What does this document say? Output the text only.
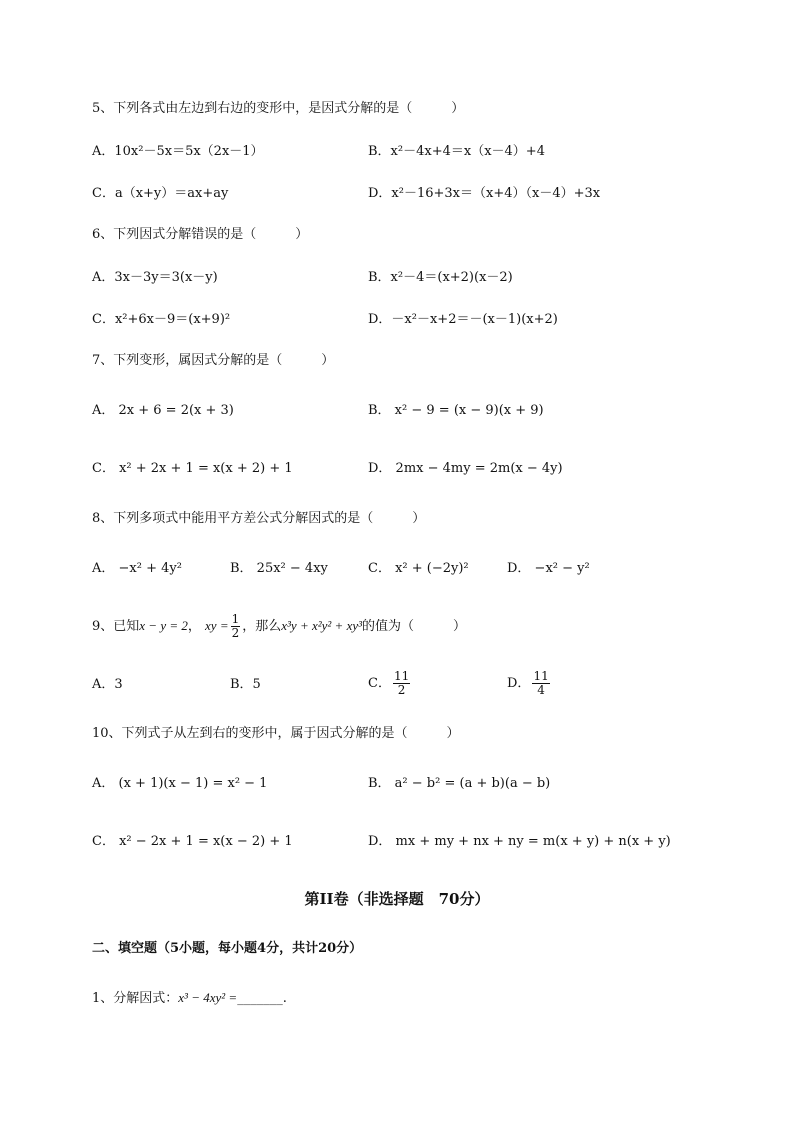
5、下列各式由左边到右边的变形中，是因式分解的是（　　　）
A．10x²－5x＝5x（2x－1）	B．x²－4x+4＝x（x－4）+4
C．a（x+y）＝ax+ay	D．x²－16+3x＝（x+4）（x－4）+3x
6、下列因式分解错误的是（　　　）
A．3x－3y＝3(x－y)	B．x²－4＝(x+2)(x－2)
C．x²+6x－9＝(x+9)²	D．－x²－x+2＝－(x－1)(x+2)
7、下列变形，属因式分解的是（　　　）
A． 2x + 6 = 2(x + 3)	B． x² − 9 = (x − 9)(x + 9)
C． x² + 2x + 1 = x(x + 2) + 1	D． 2mx − 4my = 2m(x − 4y)
8、下列多项式中能用平方差公式分解因式的是（　　　）
A． −x² + 4y²	B． 25x² − 4xy	C． x² + (−2y)²	D． −x² − y²
9、已知x − y = 2， xy = $\frac{1}{2}$ ，那么x³y + x²y² + xy³的值为（　　　）
A．3	B．5	C． $\frac{11}{2}$	D． $\frac{11}{4}$
10、下列式子从左到右的变形中，属于因式分解的是（　　　）
A． (x + 1)(x − 1) = x² − 1	B． a² − b² = (a + b)(a − b)
C． x² − 2x + 1 = x(x − 2) + 1	D． mx + my + nx + ny = m(x + y) + n(x + y)
第II卷（非选择题　70分）
二、填空题（5小题，每小题4分，共计20分）
1、分解因式：x³ − 4xy² =_______.
